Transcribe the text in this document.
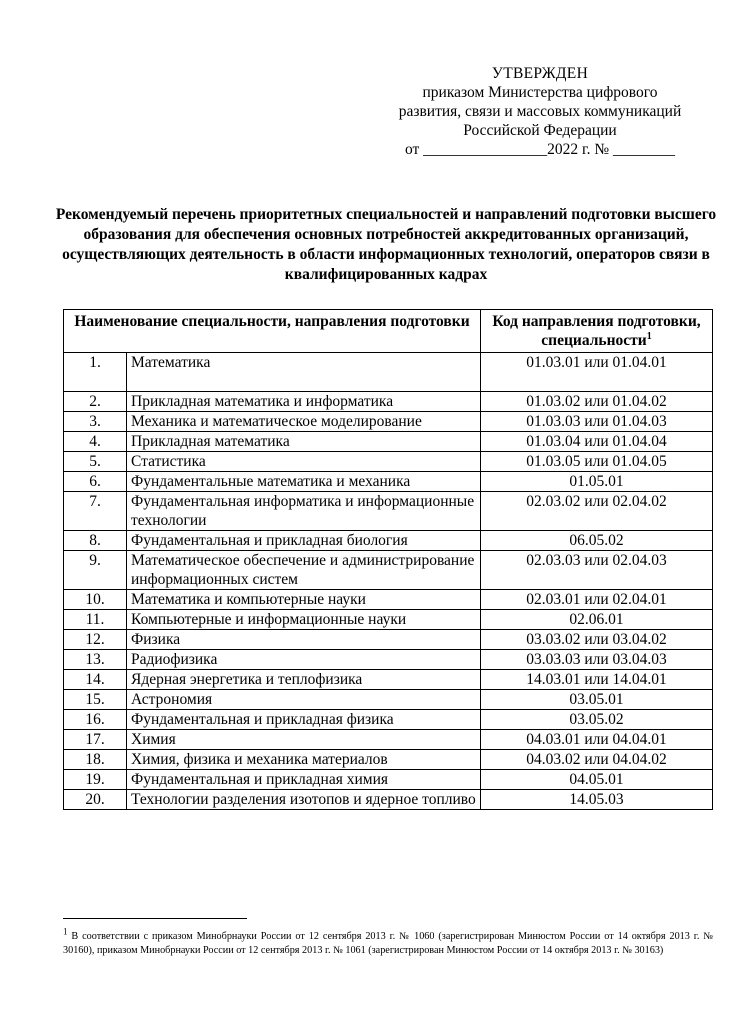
УТВЕРЖДЕН
приказом Министерства цифрового
развития, связи и массовых коммуникаций
Российской Федерации
от ________________2022 г. № ________
Рекомендуемый перечень приоритетных специальностей и направлений подготовки высшего образования для обеспечения основных потребностей аккредитованных организаций, осуществляющих деятельность в области информационных технологий, операторов связи в квалифицированных кадрах
Наименование специальности, направления подготовки		Код направления подготовки, специальности$^1$
1.	Математика	01.03.01 или 01.04.01
2.	Прикладная математика и информатика	01.03.02 или 01.04.02
3.	Механика и математическое моделирование	01.03.03 или 01.04.03
4.	Прикладная математика	01.03.04 или 01.04.04
5.	Статистика	01.03.05 или 01.04.05
6.	Фундаментальные математика и механика	01.05.01
7.	Фундаментальная информатика и информационные технологии	02.03.02 или 02.04.02
8.	Фундаментальная и прикладная биология	06.05.02
9.	Математическое обеспечение и администрирование информационных систем	02.03.03 или 02.04.03
10.	Математика и компьютерные науки	02.03.01 или 02.04.01
11.	Компьютерные и информационные науки	02.06.01
12.	Физика	03.03.02 или 03.04.02
13.	Радиофизика	03.03.03 или 03.04.03
14.	Ядерная энергетика и теплофизика	14.03.01 или 14.04.01
15.	Астрономия	03.05.01
16.	Фундаментальная и прикладная физика	03.05.02
17.	Химия	04.03.01 или 04.04.01
18.	Химия, физика и механика материалов	04.03.02 или 04.04.02
19.	Фундаментальная и прикладная химия	04.05.01
20.	Технологии разделения изотопов и ядерное топливо	14.05.03
$^1$ В соответствии с приказом Минобрнауки России от 12 сентября 2013 г. № 1060 (зарегистрирован Минюстом России от 14 октября 2013 г. № 30160), приказом Минобрнауки России от 12 сентября 2013 г. № 1061 (зарегистрирован Минюстом России от 14 октября 2013 г. № 30163)
